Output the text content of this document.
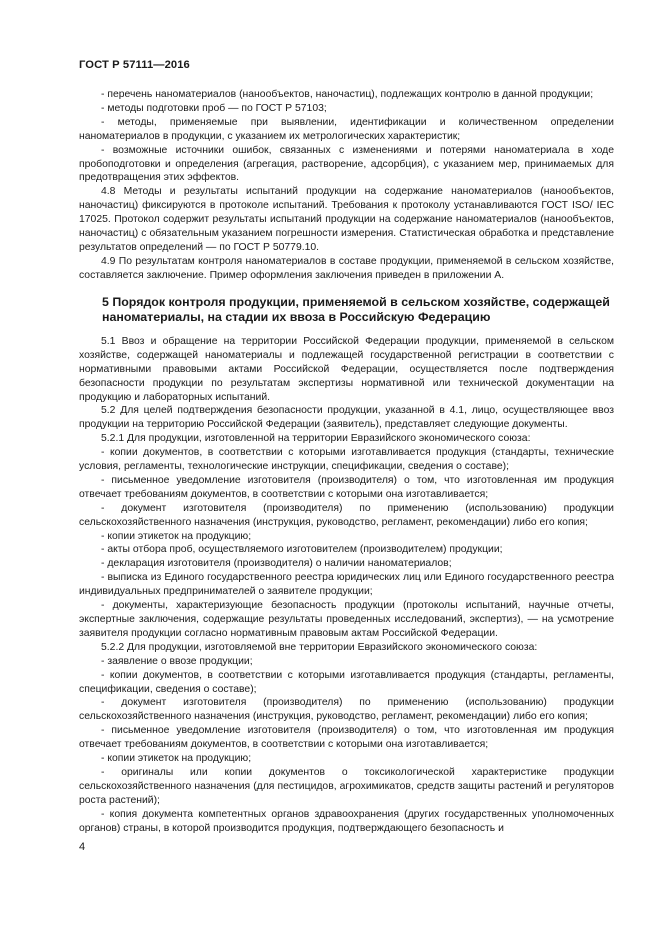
ГОСТ Р 57111—2016

- перечень наноматериалов (нанообъектов, наночастиц), подлежащих контролю в данной продукции;

- методы подготовки проб — по ГОСТ Р 57103;

- методы, применяемые при выявлении, идентификации и количественном определении наноматериалов в продукции, с указанием их метрологических характеристик;

- возможные источники ошибок, связанных с изменениями и потерями наноматериала в ходе пробоподготовки и определения (агрегация, растворение, адсорбция), с указанием мер, принимаемых для предотвращения этих эффектов.

4.8 Методы и результаты испытаний продукции на содержание наноматериалов (нанообъектов, наночастиц) фиксируются в протоколе испытаний. Требования к протоколу устанавливаются ГОСТ ISO/ IEC 17025. Протокол содержит результаты испытаний продукции на содержание наноматериалов (нанообъектов, наночастиц) с обязательным указанием погрешности измерения. Статистическая обработка и представление результатов определений — по ГОСТ Р 50779.10.

4.9 По результатам контроля наноматериалов в составе продукции, применяемой в сельском хозяйстве, составляется заключение. Пример оформления заключения приведен в приложении А.

5 Порядок контроля продукции, применяемой в сельском хозяйстве, содержащей наноматериалы, на стадии их ввоза в Российскую Федерацию

5.1 Ввоз и обращение на территории Российской Федерации продукции, применяемой в сельском хозяйстве, содержащей наноматериалы и подлежащей государственной регистрации в соответствии с нормативными правовыми актами Российской Федерации, осуществляется после подтверждения безопасности продукции по результатам экспертизы нормативной или технической документации на продукцию и лабораторных испытаний.

5.2 Для целей подтверждения безопасности продукции, указанной в 4.1, лицо, осуществляющее ввоз продукции на территорию Российской Федерации (заявитель), представляет следующие документы.

5.2.1 Для продукции, изготовленной на территории Евразийского экономического союза:

- копии документов, в соответствии с которыми изготавливается продукция (стандарты, технические условия, регламенты, технологические инструкции, спецификации, сведения о составе);

- письменное уведомление изготовителя (производителя) о том, что изготовленная им продукция отвечает требованиям документов, в соответствии с которыми она изготавливается;

- документ изготовителя (производителя) по применению (использованию) продукции сельскохозяйственного назначения (инструкция, руководство, регламент, рекомендации) либо его копия;

- копии этикеток на продукцию;

- акты отбора проб, осуществляемого изготовителем (производителем) продукции;

- декларация изготовителя (производителя) о наличии наноматериалов;

- выписка из Единого государственного реестра юридических лиц или Единого государственного реестра индивидуальных предпринимателей о заявителе продукции;

- документы, характеризующие безопасность продукции (протоколы испытаний, научные отчеты, экспертные заключения, содержащие результаты проведенных исследований, экспертиз), — на усмотрение заявителя продукции согласно нормативным правовым актам Российской Федерации.

5.2.2 Для продукции, изготовляемой вне территории Евразийского экономического союза:

- заявление о ввозе продукции;

- копии документов, в соответствии с которыми изготавливается продукция (стандарты, регламенты, спецификации, сведения о составе);

- документ изготовителя (производителя) по применению (использованию) продукции сельскохозяйственного назначения (инструкция, руководство, регламент, рекомендации) либо его копия;

- письменное уведомление изготовителя (производителя) о том, что изготовленная им продукция отвечает требованиям документов, в соответствии с которыми она изготавливается;

- копии этикеток на продукцию;

- оригиналы или копии документов о токсикологической характеристике продукции сельскохозяйственного назначения (для пестицидов, агрохимикатов, средств защиты растений и регуляторов роста растений);

- копия документа компетентных органов здравоохранения (других государственных уполномоченных органов) страны, в которой производится продукция, подтверждающего безопасность и

4
